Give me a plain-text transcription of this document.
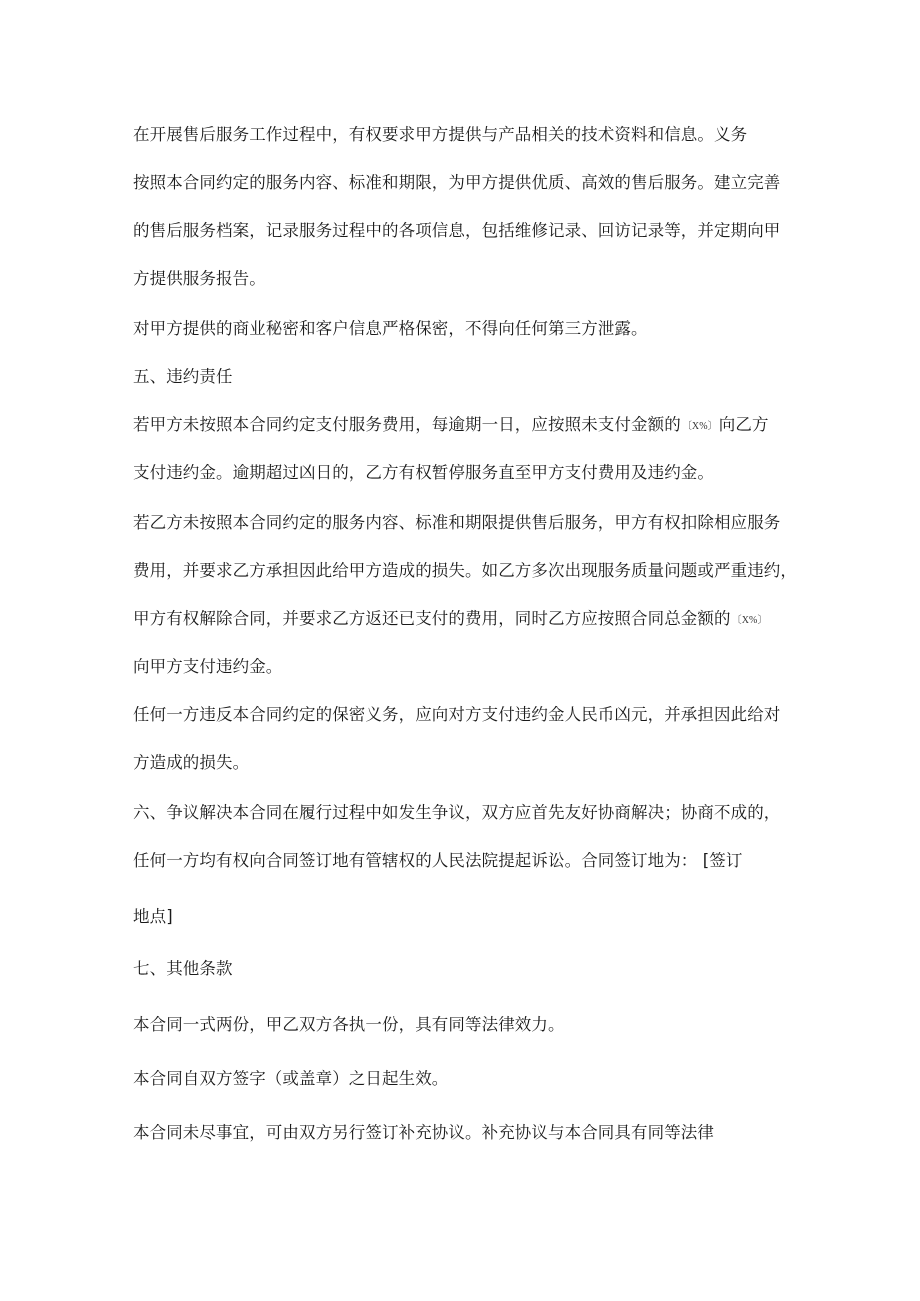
在开展售后服务工作过程中，有权要求甲方提供与产品相关的技术资料和信息。义务
按照本合同约定的服务内容、标准和期限，为甲方提供优质、高效的售后服务。建立完善
的售后服务档案，记录服务过程中的各项信息，包括维修记录、回访记录等，并定期向甲
方提供服务报告。
对甲方提供的商业秘密和客户信息严格保密，不得向任何第三方泄露。
五、违约责任
若甲方未按照本合同约定支付服务费用，每逾期一日，应按照未支付金额的〔X%〕向乙方
支付违约金。逾期超过凶日的，乙方有权暂停服务直至甲方支付费用及违约金。
若乙方未按照本合同约定的服务内容、标准和期限提供售后服务，甲方有权扣除相应服务
费用，并要求乙方承担因此给甲方造成的损失。如乙方多次出现服务质量问题或严重违约，
甲方有权解除合同，并要求乙方返还已支付的费用，同时乙方应按照合同总金额的〔X%〕
向甲方支付违约金。
任何一方违反本合同约定的保密义务，应向对方支付违约金人民币凶元，并承担因此给对
方造成的损失。
六、争议解决本合同在履行过程中如发生争议，双方应首先友好协商解决；协商不成的，
任何一方均有权向合同签订地有管辖权的人民法院提起诉讼。合同签订地为： [签订
地点]
七、其他条款
本合同一式两份，甲乙双方各执一份，具有同等法律效力。
本合同自双方签字（或盖章）之日起生效。
本合同未尽事宜，可由双方另行签订补充协议。补充协议与本合同具有同等法律
